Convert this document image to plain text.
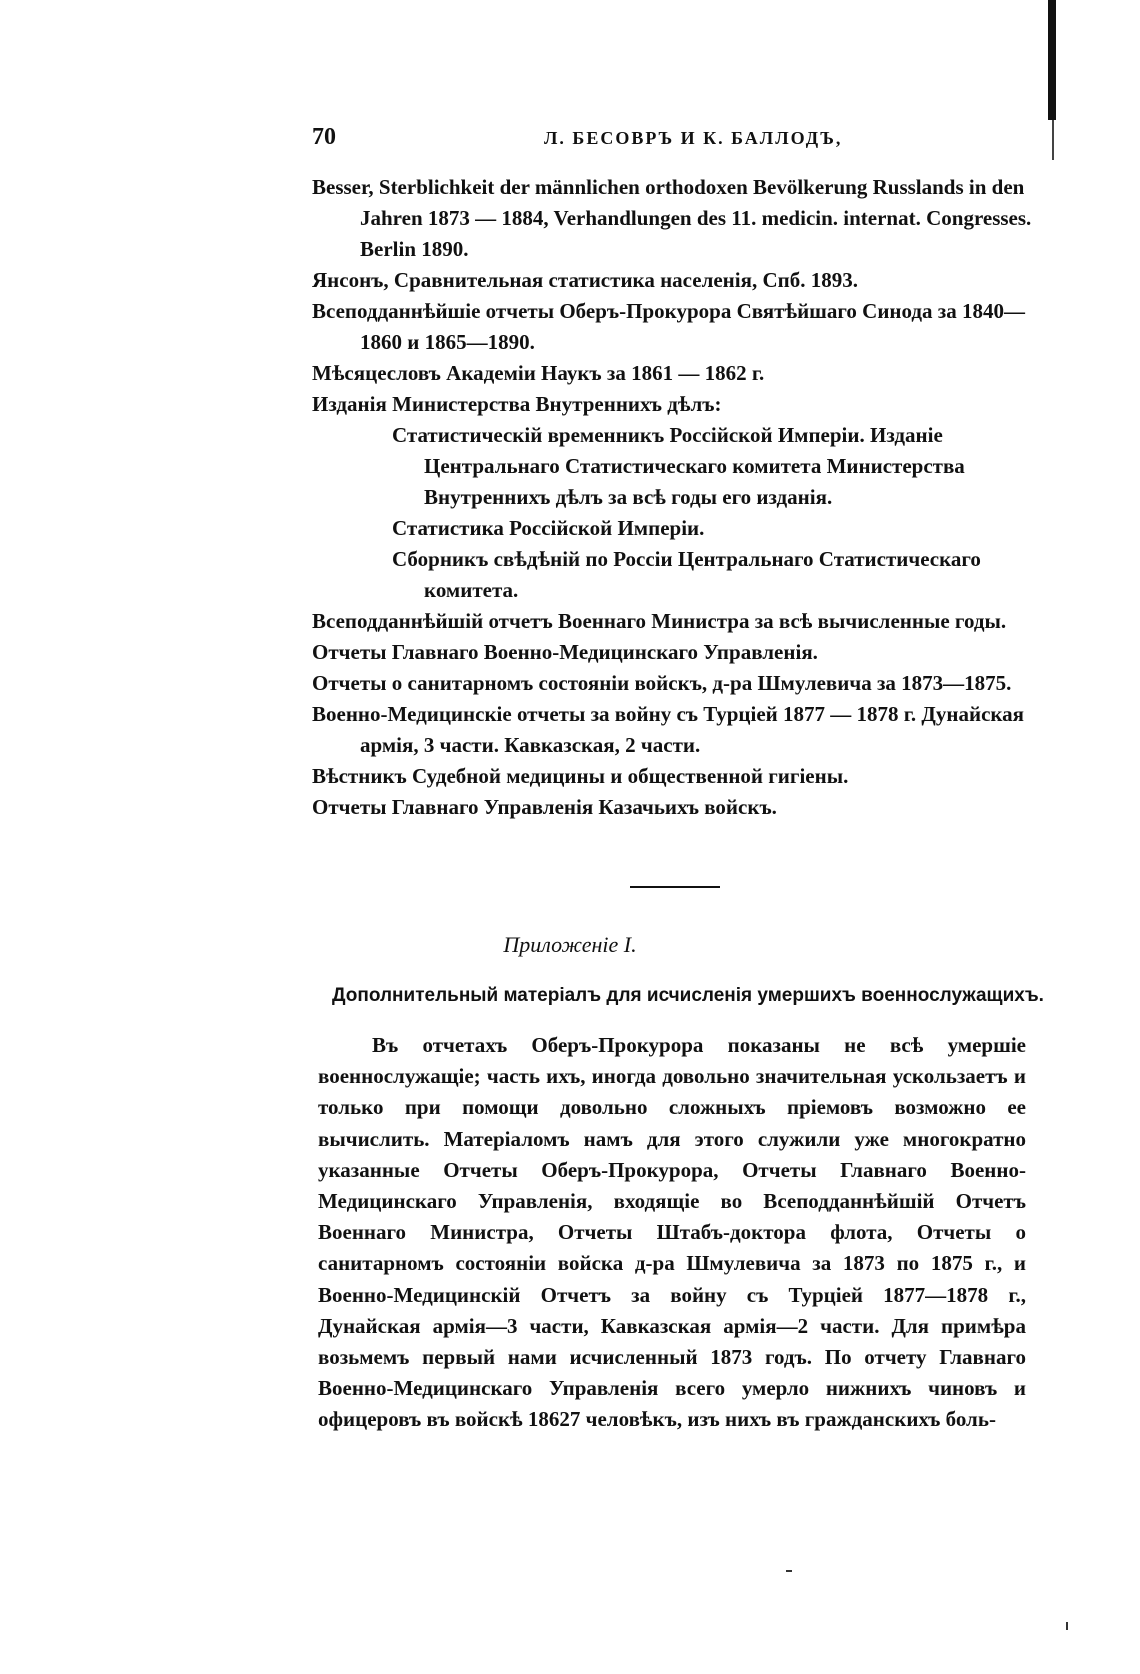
70	Л. БЕСОВРЪ И К. БАЛЛОДЪ,

Besser, Sterblichkeit der männlichen orthodoxen Bevölkerung Russlands in den Jahren 1873 — 1884, Verhandlungen des 11. medicin. internat. Congresses. Berlin 1890.

Янсонъ, Сравнительная статистика населенія, Спб. 1893.

Всеподданнѣйшіе отчеты Оберъ-Прокурора Святѣйшаго Синода за 1840—1860 и 1865—1890.

Мѣсяцесловъ Академіи Наукъ за 1861 — 1862 г.

Изданія Министерства Внутреннихъ дѣлъ:

Статистическій временникъ Россійской Имперіи. Изданіе Центральнаго Статистическаго комитета Министерства Внутреннихъ дѣлъ за всѣ годы его изданія.

Статистика Россійской Имперіи.

Сборникъ свѣдѣній по Россіи Центральнаго Статистическаго комитета.

Всеподданнѣйшій отчетъ Военнаго Министра за всѣ вычисленные годы.

Отчеты Главнаго Военно-Медицинскаго Управленія.

Отчеты о санитарномъ состояніи войскъ, д-ра Шмулевича за 1873—1875.

Военно-Медицинскіе отчеты за войну съ Турціей 1877 — 1878 г. Дунайская армія, 3 части. Кавказская, 2 части.

Вѣстникъ Судебной медицины и общественной гигіены.

Отчеты Главнаго Управленія Казачьихъ войскъ.

Приложеніе I.
Дополнительный матеріалъ для исчисленія умершихъ военнослужащихъ.

Въ отчетахъ Оберъ-Прокурора показаны не всѣ умершіе военнослужащіе; часть ихъ, иногда довольно значительная ускользаетъ и только при помощи довольно сложныхъ пріемовъ возможно ее вычислить. Матеріаломъ намъ для этого служили уже многократно указанные Отчеты Оберъ-Прокурора, Отчеты Главнаго Военно-Медицинскаго Управленія, входящіе во Всеподданнѣйшій Отчетъ Военнаго Министра, Отчеты Штабъ-доктора флота, Отчеты о санитарномъ состояніи войска д-ра Шмулевича за 1873 по 1875 г., и Военно-Медицинскій Отчетъ за войну съ Турціей 1877—1878 г., Дунайская армія—3 части, Кавказская армія—2 части. Для примѣра возьмемъ первый нами исчисленный 1873 годъ. По отчету Главнаго Военно-Медицинскаго Управленія всего умерло нижнихъ чиновъ и офицеровъ въ войскѣ 18627 человѣкъ, изъ нихъ въ гражданскихъ боль-
